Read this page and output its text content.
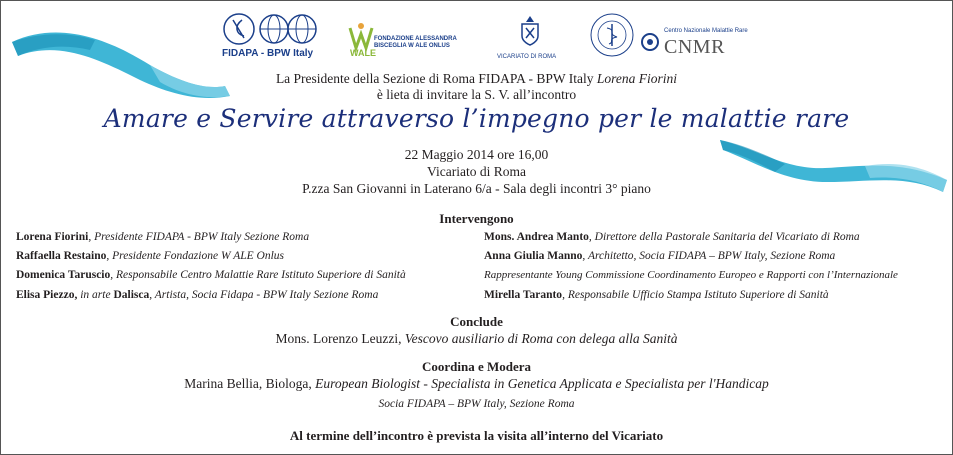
FIDAPA - BPW Italy	WALE
FONDAZIONE ALESSANDRA BISCEGLIA W ALE ONLUS
VICARIATO DI ROMA
Centro Nazionale Malattie Rare
CNMR
La Presidente della Sezione di Roma FIDAPA - BPW Italy Lorena Fiorini
è lieta di invitare la S. V. all’incontro
Amare e Servire attraverso l’impegno per le malattie rare
22 Maggio 2014 ore 16,00
Vicariato di Roma
P.zza San Giovanni in Laterano 6/a - Sala degli incontri 3° piano
Intervengono
Lorena Fiorini, Presidente FIDAPA - BPW Italy Sezione Roma
Raffaella Restaino, Presidente Fondazione W ALE Onlus
Domenica Taruscio, Responsabile Centro Malattie Rare Istituto Superiore di Sanità
Elisa Piezzo, in arte Dalisca, Artista, Socia Fidapa - BPW Italy Sezione Roma
Mons. Andrea Manto, Direttore della Pastorale Sanitaria del Vicariato di Roma
Anna Giulia Manno, Architetto, Socia FIDAPA – BPW Italy, Sezione Roma
Rappresentante Young Commissione Coordinamento Europeo e Rapporti con l’Internazionale
Mirella Taranto, Responsabile Ufficio Stampa Istituto Superiore di Sanità
Conclude
Mons. Lorenzo Leuzzi, Vescovo ausiliario di Roma con delega alla Sanità
Coordina e Modera
Marina Bellia, Biologa, European Biologist - Specialista in Genetica Applicata e Specialista per l'Handicap
Socia FIDAPA – BPW Italy, Sezione Roma
Al termine dell’incontro è prevista la visita all’interno del Vicariato
